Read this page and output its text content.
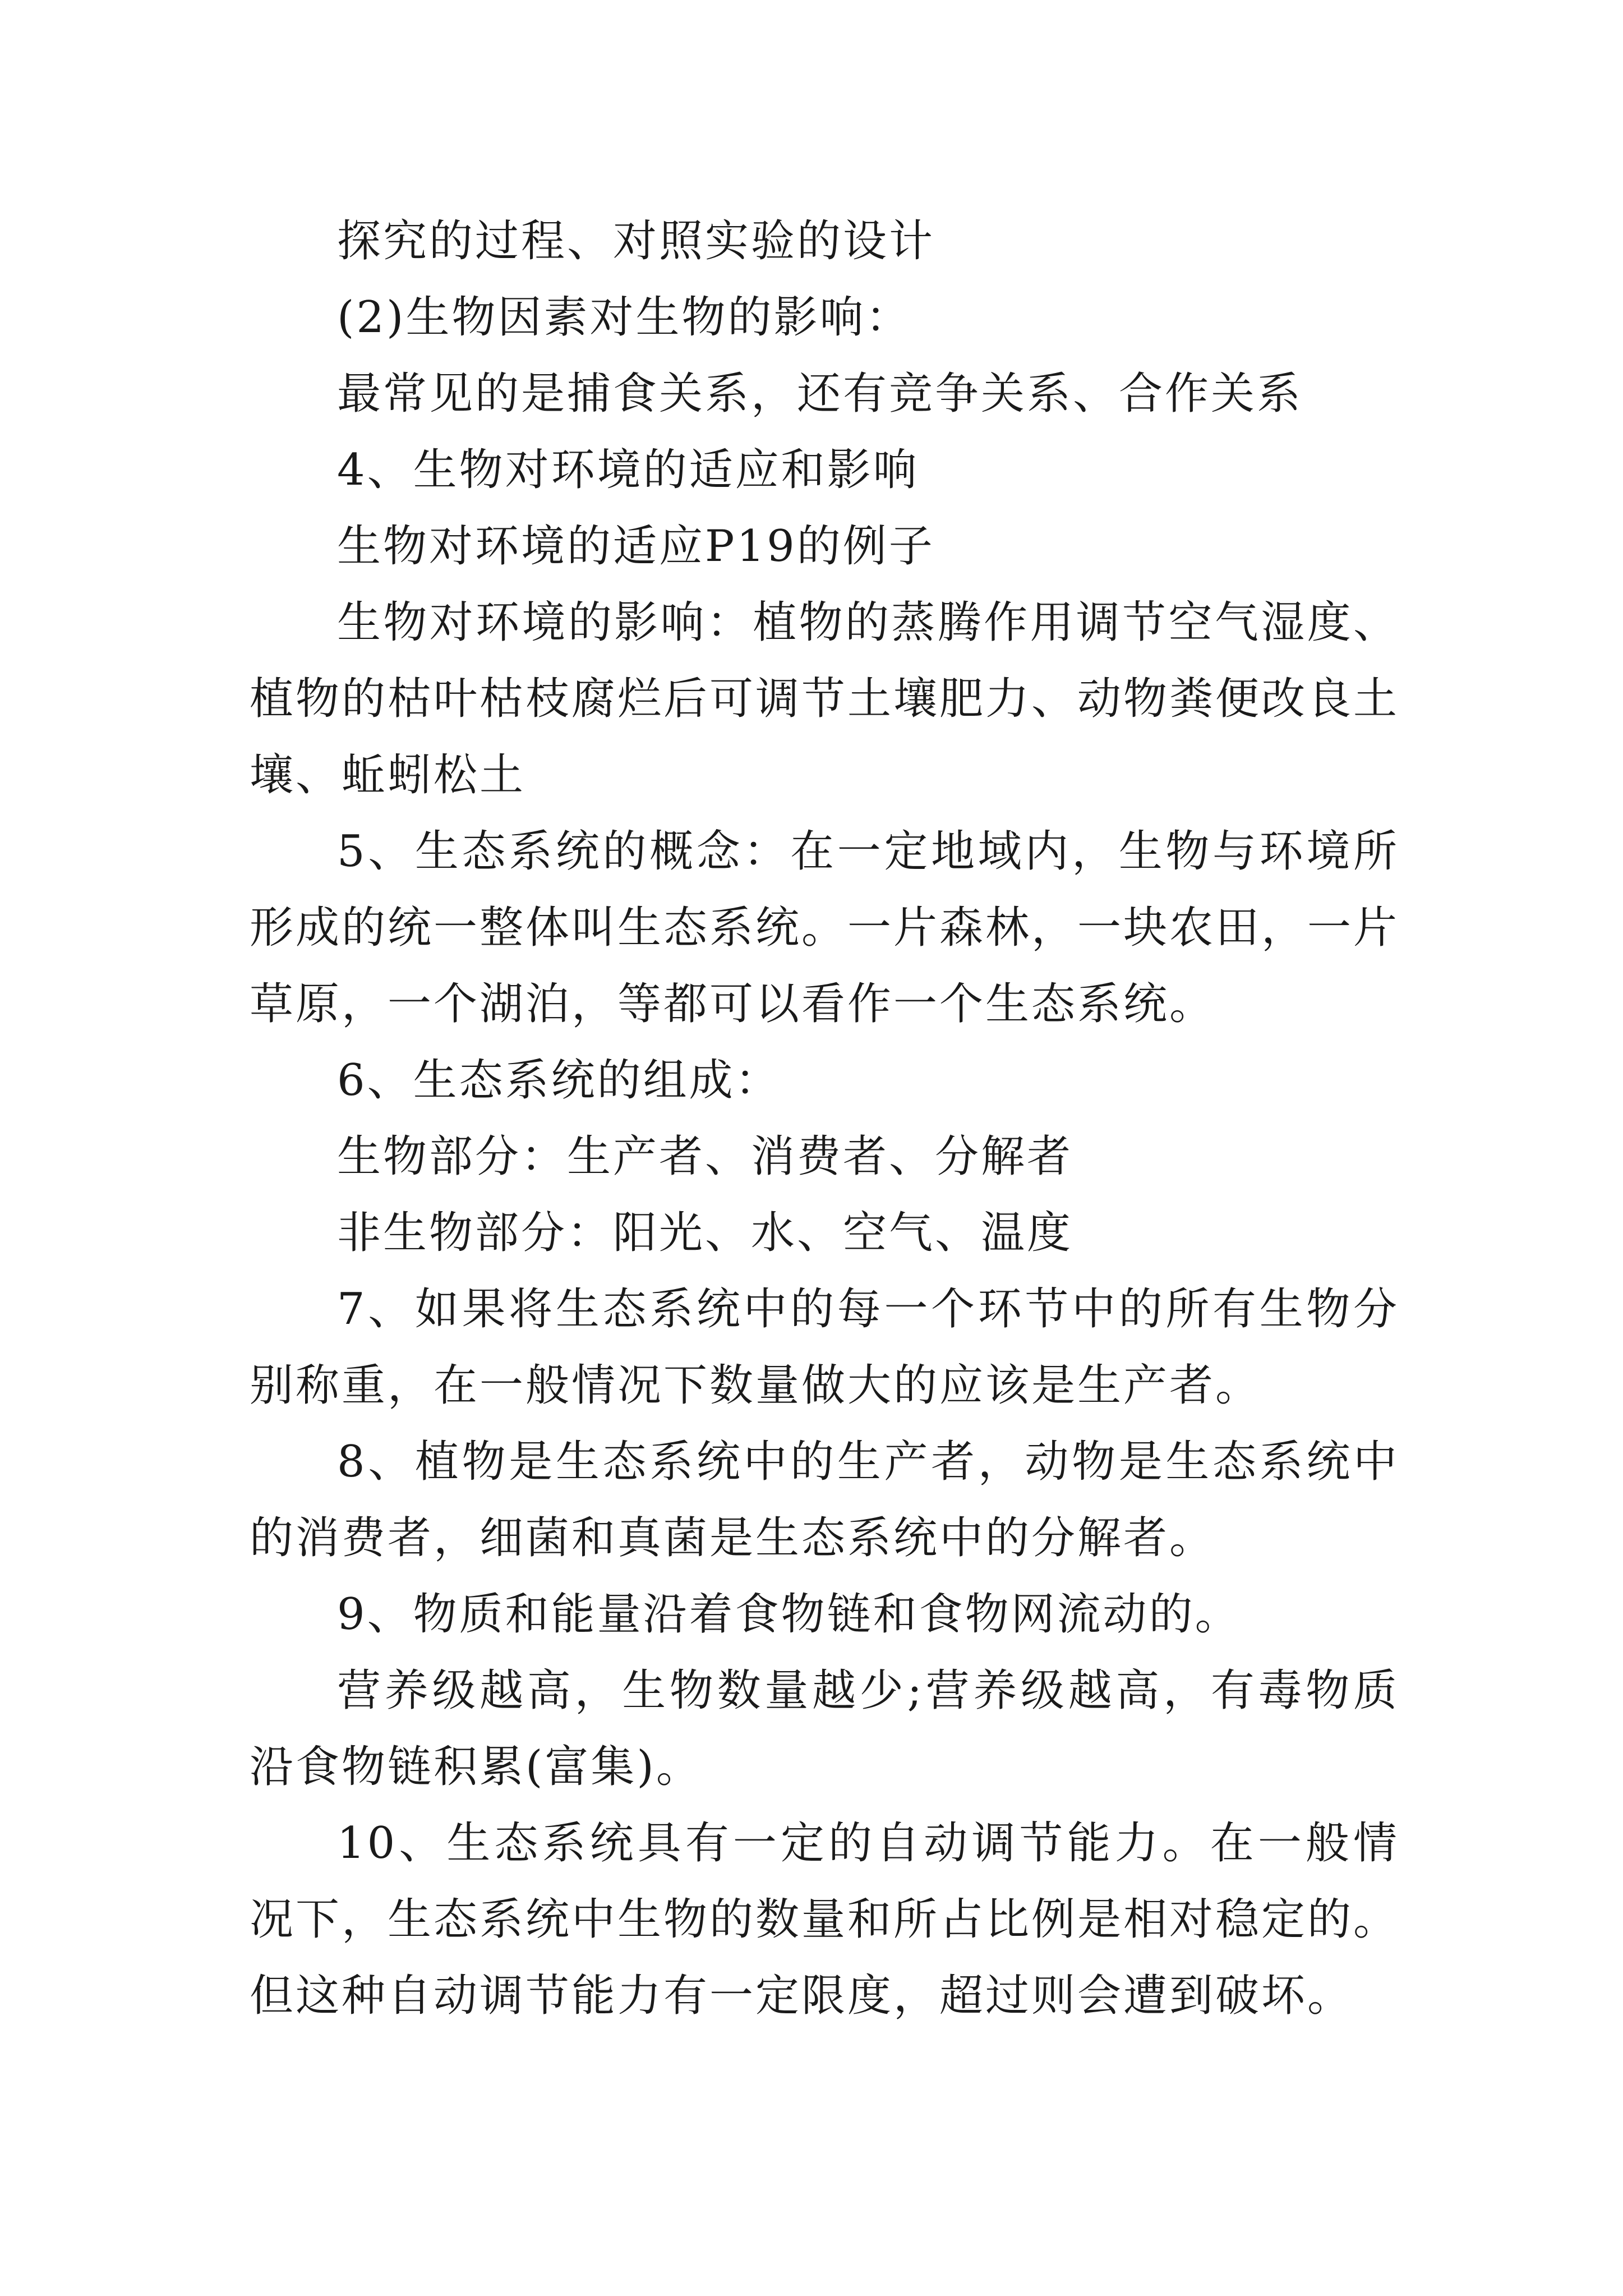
探究的过程、对照实验的设计

(2)生物因素对生物的影响：

最常见的是捕食关系，还有竞争关系、合作关系

4、生物对环境的适应和影响

生物对环境的适应P19的例子

生物对环境的影响：植物的蒸腾作用调节空气湿度、植物的枯叶枯枝腐烂后可调节土壤肥力、动物粪便改良土壤、蚯蚓松土

5、生态系统的概念：在一定地域内，生物与环境所形成的统一整体叫生态系统。一片森林，一块农田，一片草原，一个湖泊，等都可以看作一个生态系统。

6、生态系统的组成：

生物部分：生产者、消费者、分解者

非生物部分：阳光、水、空气、温度

7、如果将生态系统中的每一个环节中的所有生物分别称重，在一般情况下数量做大的应该是生产者。

8、植物是生态系统中的生产者，动物是生态系统中的消费者，细菌和真菌是生态系统中的分解者。

9、物质和能量沿着食物链和食物网流动的。

营养级越高，生物数量越少;营养级越高，有毒物质沿食物链积累(富集)。

10、生态系统具有一定的自动调节能力。在一般情况下，生态系统中生物的数量和所占比例是相对稳定的。但这种自动调节能力有一定限度，超过则会遭到破坏。
